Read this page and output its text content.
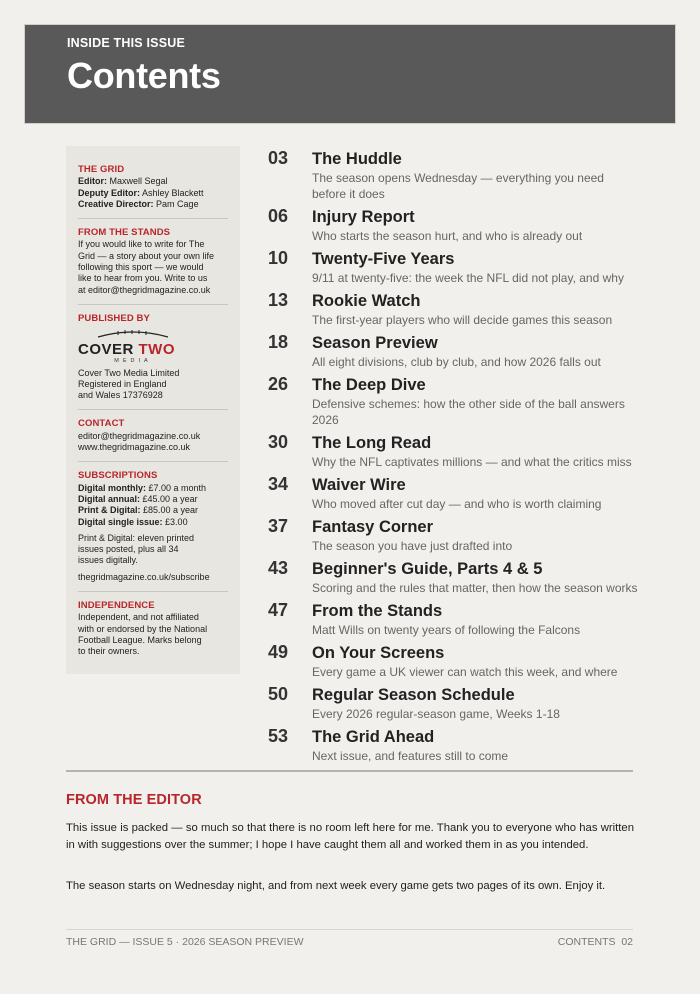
INSIDE THIS ISSUE
Contents
THE GRID
Editor: Maxwell Segal
Deputy Editor: Ashley Blackett
Creative Director: Pam Cage
FROM THE STANDS
If you would like to write for The
Grid — a story about your own life
following this sport — we would
like to hear from you. Write to us
at editor@thegridmagazine.co.uk
PUBLISHED BY
COVER TWO
MEDIA
Cover Two Media Limited
Registered in England
and Wales 17376928
CONTACT
editor@thegridmagazine.co.uk
www.thegridmagazine.co.uk
SUBSCRIPTIONS
Digital monthly: £7.00 a month
Digital annual: £45.00 a year
Print & Digital: £85.00 a year
Digital single issue: £3.00
Print & Digital: eleven printed
issues posted, plus all 34
issues digitally.
thegridmagazine.co.uk/subscribe
INDEPENDENCE
Independent, and not affiliated
with or endorsed by the National
Football League. Marks belong
to their owners.
03 The Huddle
The season opens Wednesday — everything you need before it does
06 Injury Report
Who starts the season hurt, and who is already out
10 Twenty-Five Years
9/11 at twenty-five: the week the NFL did not play, and why
13 Rookie Watch
The first-year players who will decide games this season
18 Season Preview
All eight divisions, club by club, and how 2026 falls out
26 The Deep Dive
Defensive schemes: how the other side of the ball answers 2026
30 The Long Read
Why the NFL captivates millions — and what the critics miss
34 Waiver Wire
Who moved after cut day — and who is worth claiming
37 Fantasy Corner
The season you have just drafted into
43 Beginner's Guide, Parts 4 & 5
Scoring and the rules that matter, then how the season works
47 From the Stands
Matt Wills on twenty years of following the Falcons
49 On Your Screens
Every game a UK viewer can watch this week, and where
50 Regular Season Schedule
Every 2026 regular-season game, Weeks 1-18
53 The Grid Ahead
Next issue, and features still to come
FROM THE EDITOR

This issue is packed — so much so that there is no room left here for me. Thank you to everyone who has written in with suggestions over the summer; I hope I have caught them all and worked them in as you intended.

The season starts on Wednesday night, and from next week every game gets two pages of its own. Enjoy it.

THE GRID — ISSUE 5 · 2026 SEASON PREVIEW	CONTENTS  02
